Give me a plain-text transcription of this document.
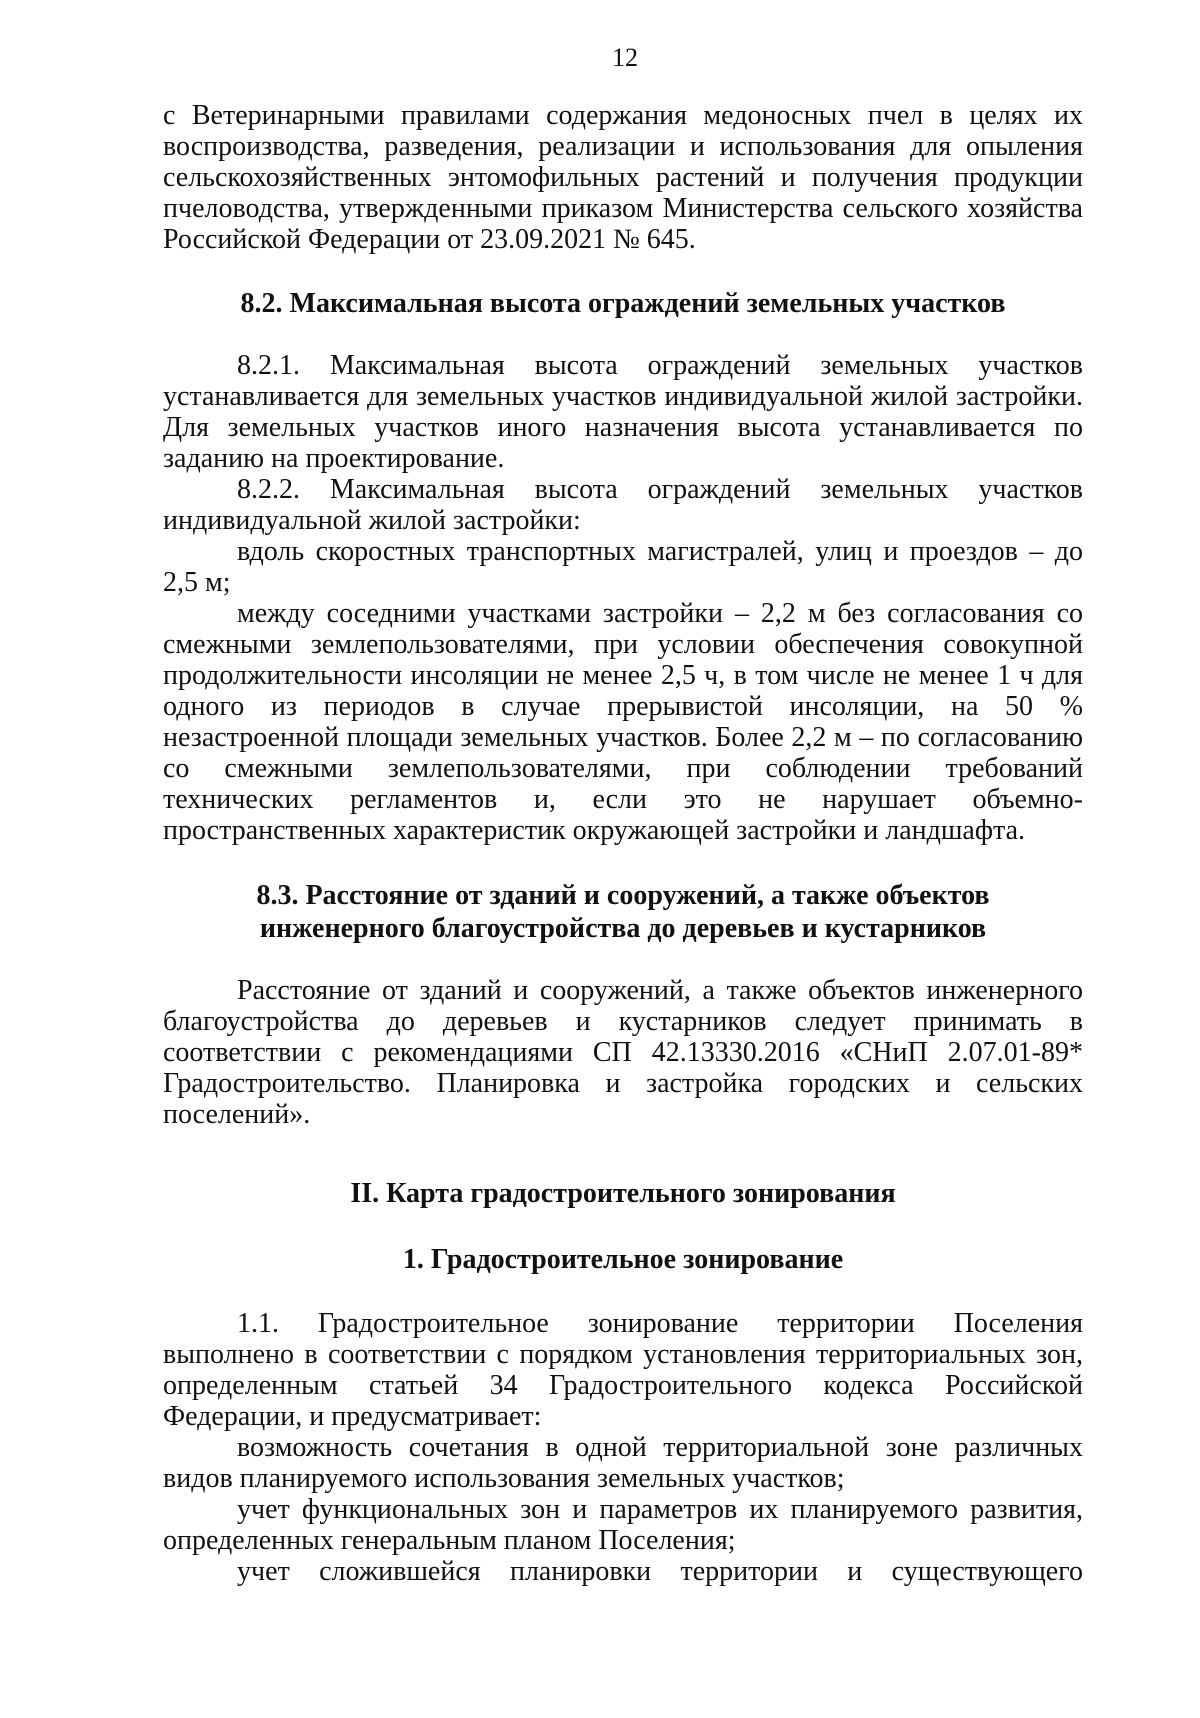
12

с Ветеринарными правилами содержания медоносных пчел в целях их воспроизводства, разведения, реализации и использования для опыления сельскохозяйственных энтомофильных растений и получения продукции пчеловодства, утвержденными приказом Министерства сельского хозяйства Российской Федерации от 23.09.2021 № 645.

8.2. Максимальная высота ограждений земельных участков

8.2.1. Максимальная высота ограждений земельных участков устанавливается для земельных участков индивидуальной жилой застройки. Для земельных участков иного назначения высота устанавливается по заданию на проектирование.

8.2.2. Максимальная высота ограждений земельных участков индивидуальной жилой застройки:

вдоль скоростных транспортных магистралей, улиц и проездов – до 2,5 м;

между соседними участками застройки – 2,2 м без согласования со смежными землепользователями, при условии обеспечения совокупной продолжительности инсоляции не менее 2,5 ч, в том числе не менее 1 ч для одного из периодов в случае прерывистой инсоляции, на 50 % незастроенной площади земельных участков. Более 2,2 м – по согласованию со смежными землепользователями, при соблюдении требований технических регламентов и, если это не нарушает объемно-пространственных характеристик окружающей застройки и ландшафта.

8.3. Расстояние от зданий и сооружений, а также объектов
инженерного благоустройства до деревьев и кустарников

Расстояние от зданий и сооружений, а также объектов инженерного благоустройства до деревьев и кустарников следует принимать в соответствии с рекомендациями СП 42.13330.2016 «СНиП 2.07.01-89* Градостроительство. Планировка и застройка городских и сельских поселений».

II. Карта градостроительного зонирования
1. Градостроительное зонирование

1.1. Градостроительное зонирование территории Поселения выполнено в соответствии с порядком установления территориальных зон, определенным статьей 34 Градостроительного кодекса Российской Федерации, и предусматривает:

возможность сочетания в одной территориальной зоне различных видов планируемого использования земельных участков;

учет функциональных зон и параметров их планируемого развития, определенных генеральным планом Поселения;

учет сложившейся планировки территории и существующего
